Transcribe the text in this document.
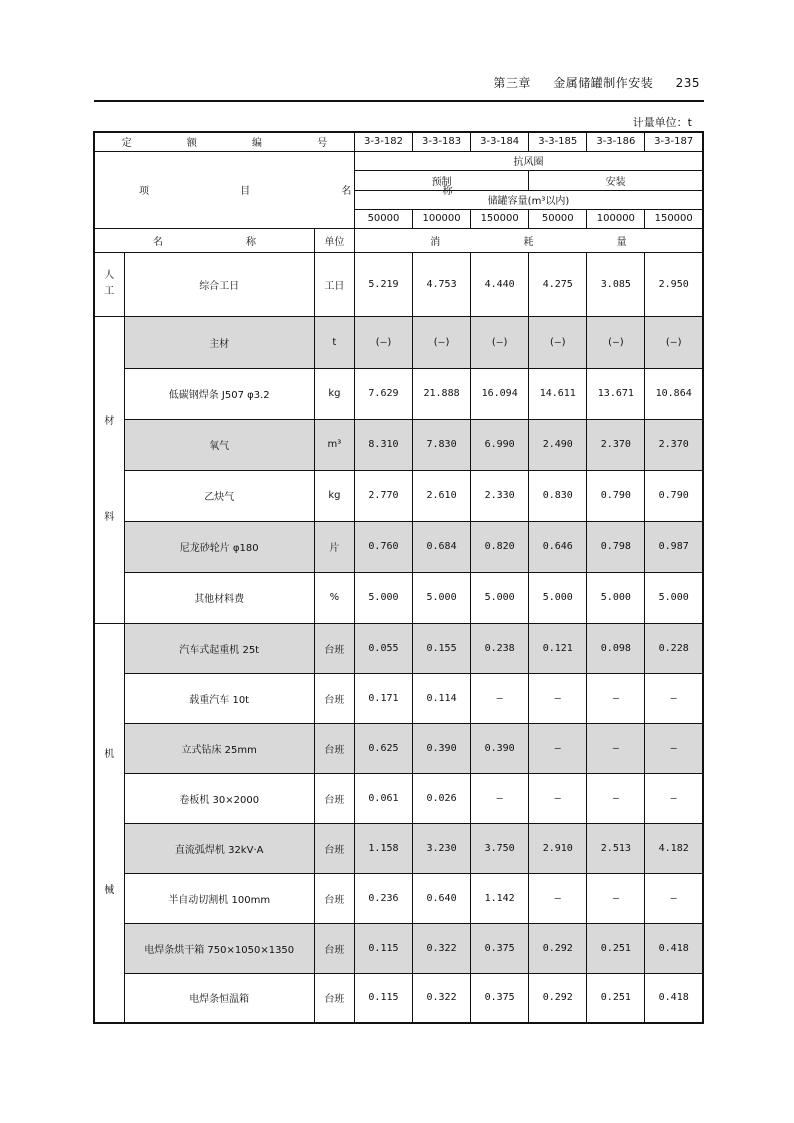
第三章 金属储罐制作安装 235
计量单位：t
定 额 编 号			3-3-182	3-3-183	3-3-184	3-3-185	3-3-186	3-3-187
项 目 名 称			抗风圈					
			预制			安装		
			储罐容量(m³以内)					
			50000	100000	150000	50000	100000	150000
名 称		单位	消 耗 量					

人
工	综合工日	工日	5.219	4.753	4.440	4.275	3.085	2.950

材
料	主材	t	(—)	(—)	(—)	(—)	(—)	(—)
	低碳钢焊条 J507 φ3.2	kg	7.629	21.888	16.094	14.611	13.671	10.864
	氧气	m³	8.310	7.830	6.990	2.490	2.370	2.370
	乙炔气	kg	2.770	2.610	2.330	0.830	0.790	0.790
	尼龙砂轮片 φ180	片	0.760	0.684	0.820	0.646	0.798	0.987
	其他材料费	%	5.000	5.000	5.000	5.000	5.000	5.000

机
械	汽车式起重机 25t	台班	0.055	0.155	0.238	0.121	0.098	0.228
	载重汽车 10t	台班	0.171	0.114	—	—	—	—
	立式钻床 25mm	台班	0.625	0.390	0.390	—	—	—
	卷板机 30×2000	台班	0.061	0.026	—	—	—	—
	直流弧焊机 32kV·A	台班	1.158	3.230	3.750	2.910	2.513	4.182
	半自动切割机 100mm	台班	0.236	0.640	1.142	—	—	—
	电焊条烘干箱 750×1050×1350	台班	0.115	0.322	0.375	0.292	0.251	0.418
	电焊条恒温箱	台班	0.115	0.322	0.375	0.292	0.251	0.418
